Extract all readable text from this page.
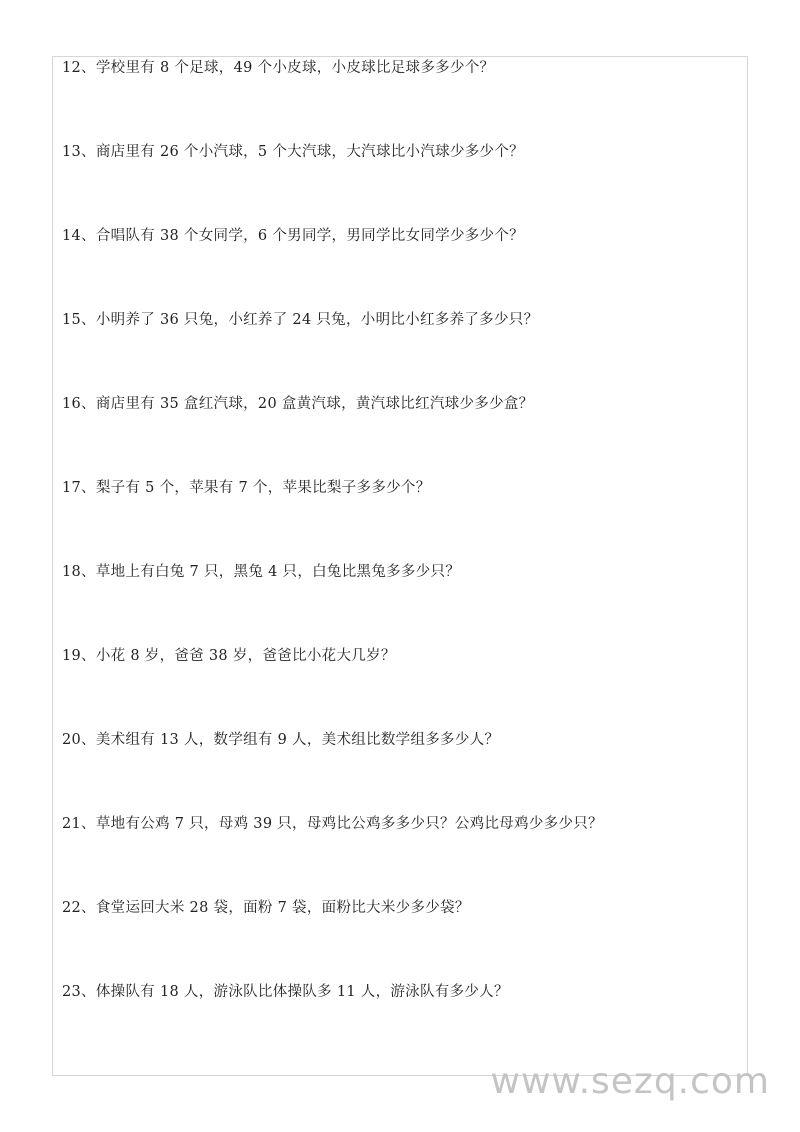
12、学校里有 8 个足球，49 个小皮球，小皮球比足球多多少个？
13、商店里有 26 个小汽球，5 个大汽球，大汽球比小汽球少多少个？
14、合唱队有 38 个女同学，6 个男同学，男同学比女同学少多少个？
15、小明养了 36 只兔，小红养了 24 只兔，小明比小红多养了多少只？
16、商店里有 35 盒红汽球，20 盒黄汽球，黄汽球比红汽球少多少盒？
17、梨子有 5 个，苹果有 7 个，苹果比梨子多多少个？
18、草地上有白兔 7 只，黑兔 4 只，白兔比黑兔多多少只？
19、小花 8 岁，爸爸 38 岁，爸爸比小花大几岁？
20、美术组有 13 人，数学组有 9 人，美术组比数学组多多少人？
21、草地有公鸡 7 只，母鸡 39 只，母鸡比公鸡多多少只？公鸡比母鸡少多少只？
22、食堂运回大米 28 袋，面粉 7 袋，面粉比大米少多少袋？
23、体操队有 18 人，游泳队比体操队多 11 人，游泳队有多少人？
www.sezq.com
